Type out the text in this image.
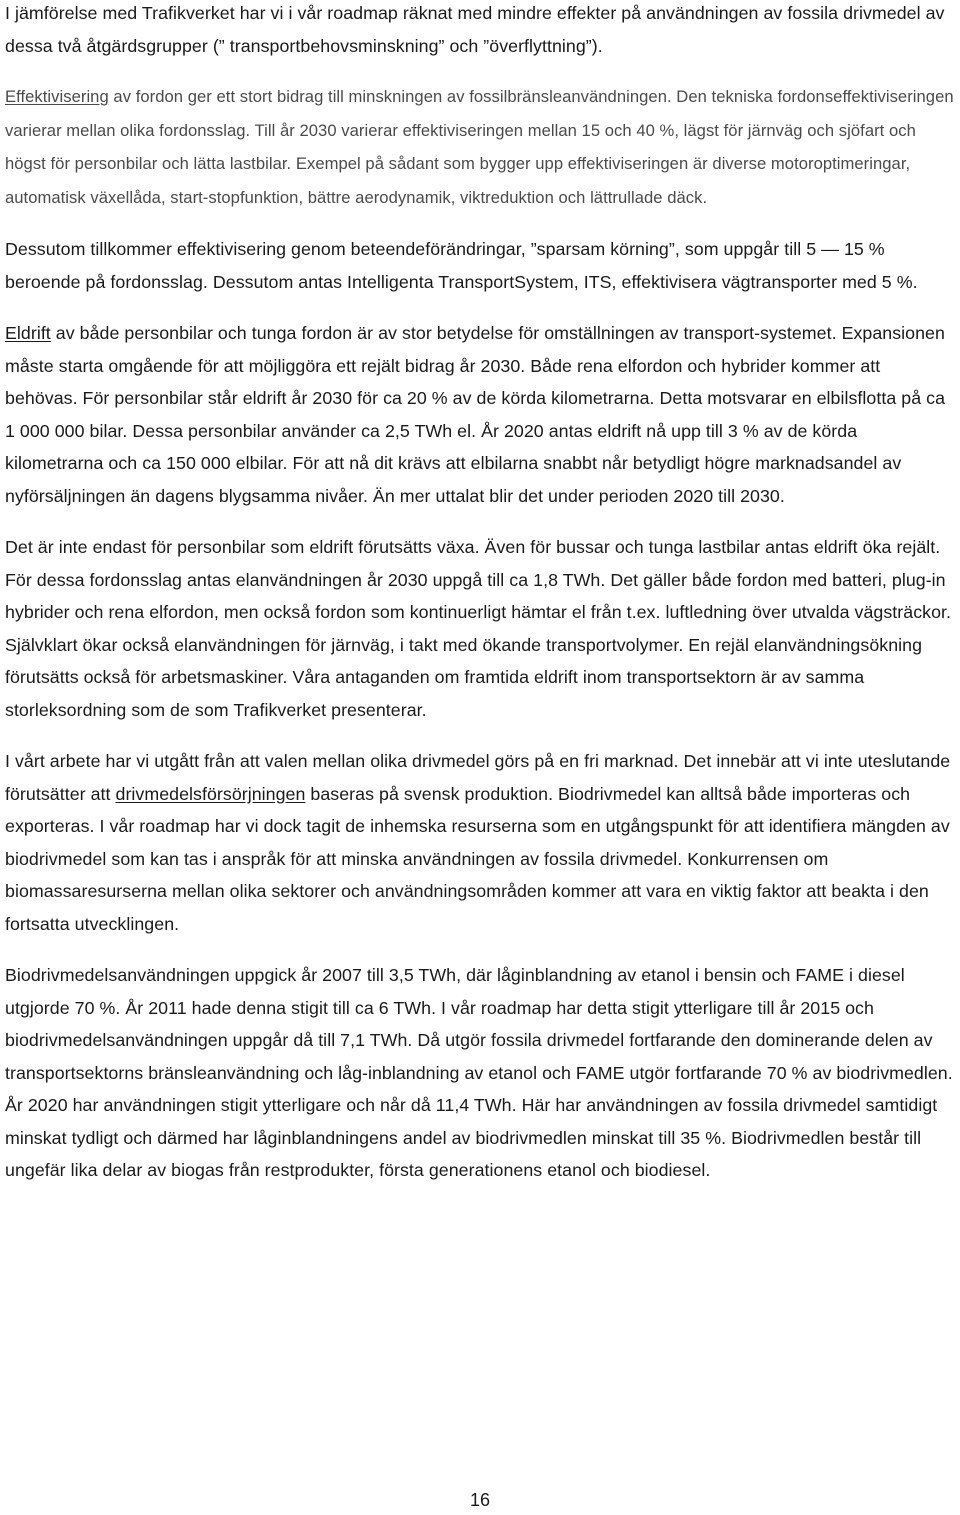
I jämförelse med Trafikverket har vi i vår roadmap räknat med mindre effekter på användningen av fossila drivmedel av dessa två åtgärdsgrupper (” transportbehovsminskning” och ”överflyttning”).

Effektivisering av fordon ger ett stort bidrag till minskningen av fossilbränsleanvändningen. Den tekniska fordonseffektiviseringen varierar mellan olika fordonsslag. Till år 2030 varierar effektiviseringen mellan 15 och 40 %, lägst för järnväg och sjöfart och högst för personbilar och lätta lastbilar. Exempel på sådant som bygger upp effektiviseringen är diverse motoroptimeringar, automatisk växellåda, start-stopfunktion, bättre aerodynamik, viktreduktion och lättrullade däck.

Dessutom tillkommer effektivisering genom beteendeförändringar, ”sparsam körning”, som uppgår till 5 — 15 % beroende på fordonsslag. Dessutom antas Intelligenta TransportSystem, ITS, effektivisera vägtransporter med 5 %.

Eldrift av både personbilar och tunga fordon är av stor betydelse för omställningen av transport-systemet. Expansionen måste starta omgående för att möjliggöra ett rejält bidrag år 2030. Både rena elfordon och hybrider kommer att behövas. För personbilar står eldrift år 2030 för ca 20 % av de körda kilometrarna. Detta motsvarar en elbilsflotta på ca 1 000 000 bilar. Dessa personbilar använder ca 2,5 TWh el. År 2020 antas eldrift nå upp till 3 % av de körda kilometrarna och ca 150 000 elbilar. För att nå dit krävs att elbilarna snabbt når betydligt högre marknadsandel av nyförsäljningen än dagens blygsamma nivåer. Än mer uttalat blir det under perioden 2020 till 2030.

Det är inte endast för personbilar som eldrift förutsätts växa. Även för bussar och tunga lastbilar antas eldrift öka rejält. För dessa fordonsslag antas elanvändningen år 2030 uppgå till ca 1,8 TWh. Det gäller både fordon med batteri, plug-in hybrider och rena elfordon, men också fordon som kontinuerligt hämtar el från t.ex. luftledning över utvalda vägsträckor. Självklart ökar också elanvändningen för järnväg, i takt med ökande transportvolymer. En rejäl elanvändningsökning förutsätts också för arbetsmaskiner. Våra antaganden om framtida eldrift inom transportsektorn är av samma storleksordning som de som Trafikverket presenterar.

I vårt arbete har vi utgått från att valen mellan olika drivmedel görs på en fri marknad. Det innebär att vi inte uteslutande förutsätter att drivmedelsförsörjningen baseras på svensk produktion. Biodrivmedel kan alltså både importeras och exporteras. I vår roadmap har vi dock tagit de inhemska resurserna som en utgångspunkt för att identifiera mängden av biodrivmedel som kan tas i anspråk för att minska användningen av fossila drivmedel. Konkurrensen om biomassaresurserna mellan olika sektorer och användningsområden kommer att vara en viktig faktor att beakta i den fortsatta utvecklingen.

Biodrivmedelsanvändningen uppgick år 2007 till 3,5 TWh, där låginblandning av etanol i bensin och FAME i diesel utgjorde 70 %. År 2011 hade denna stigit till ca 6 TWh. I vår roadmap har detta stigit ytterligare till år 2015 och biodrivmedelsanvändningen uppgår då till 7,1 TWh. Då utgör fossila drivmedel fortfarande den dominerande delen av transportsektorns bränsleanvändning och låg-inblandning av etanol och FAME utgör fortfarande 70 % av biodrivmedlen. År 2020 har användningen stigit ytterligare och når då 11,4 TWh. Här har användningen av fossila drivmedel samtidigt minskat tydligt och därmed har låginblandningens andel av biodrivmedlen minskat till 35 %. Biodrivmedlen består till ungefär lika delar av biogas från restprodukter, första generationens etanol och biodiesel.

16
